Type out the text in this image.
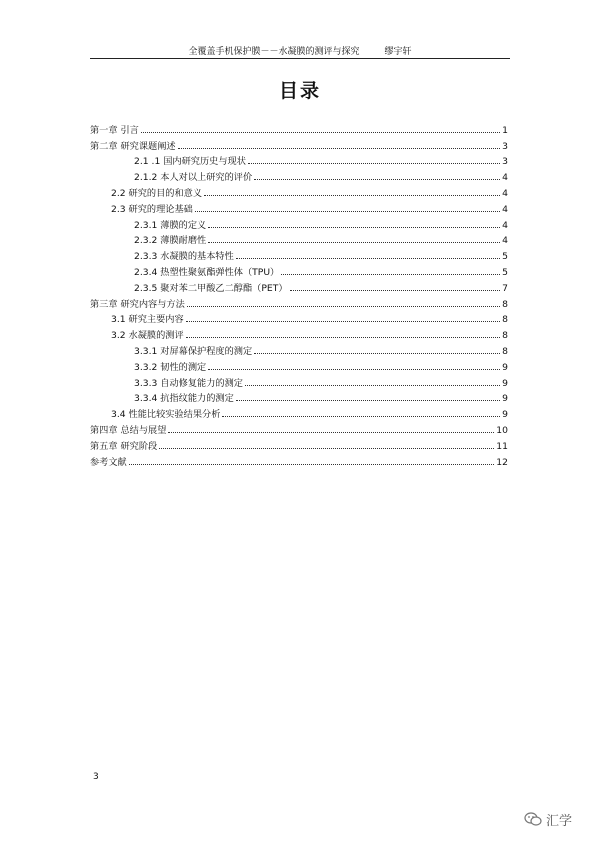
全覆盖手机保护膜－－水凝膜的测评与探究	缪宇轩
目录
第一章 引言	1
第二章 研究课题阐述	3
2.1 .1 国内研究历史与现状	3
2.1.2 本人对以上研究的评价	4
2.2 研究的目的和意义	4
2.3 研究的理论基础	4
2.3.1 薄膜的定义	4
2.3.2 薄膜耐磨性	4
2.3.3 水凝膜的基本特性	5
2.3.4 热塑性聚氨酯弹性体（TPU）	5
2.3.5 聚对苯二甲酸乙二醇酯（PET）	7
第三章 研究内容与方法	8
3.1 研究主要内容	8
3.2 水凝膜的测评	8
3.3.1 对屏幕保护程度的测定	8
3.3.2 韧性的测定	9
3.3.3 自动修复能力的测定	9
3.3.4 抗指纹能力的测定	9
3.4 性能比较实验结果分析	9
第四章 总结与展望	10
第五章 研究阶段	11
参考文献	12
3
汇学
